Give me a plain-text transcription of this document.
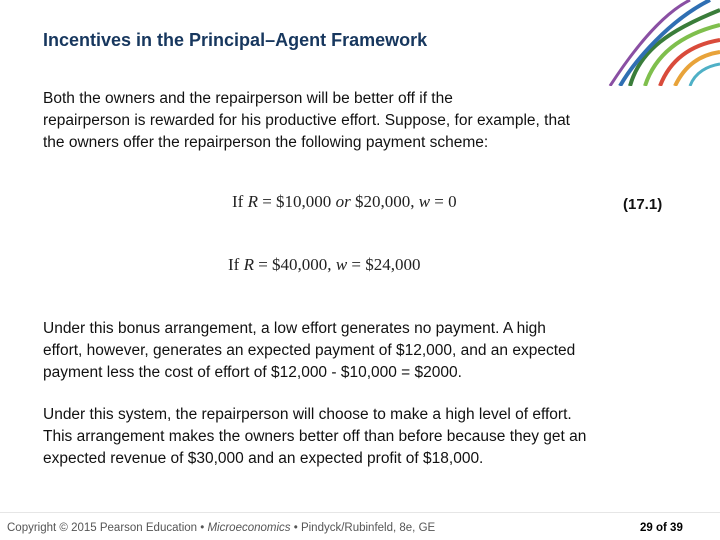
Incentives in the Principal–Agent Framework
Both the owners and the repairperson will be better off if the
repairperson is rewarded for his productive effort. Suppose, for example, that
the owners offer the repairperson the following payment scheme:
If R = $10,000 or $20,000, w = 0	(17.1)
If R = $40,000, w = $24,000
Under this bonus arrangement, a low effort generates no payment. A high
effort, however, generates an expected payment of $12,000, and an expected
payment less the cost of effort of $12,000 - $10,000 = $2000.
Under this system, the repairperson will choose to make a high level of effort.
This arrangement makes the owners better off than before because they get an
expected revenue of $30,000 and an expected profit of $18,000.
Copyright © 2015 Pearson Education • Microeconomics • Pindyck/Rubinfeld, 8e, GE	29 of 39
